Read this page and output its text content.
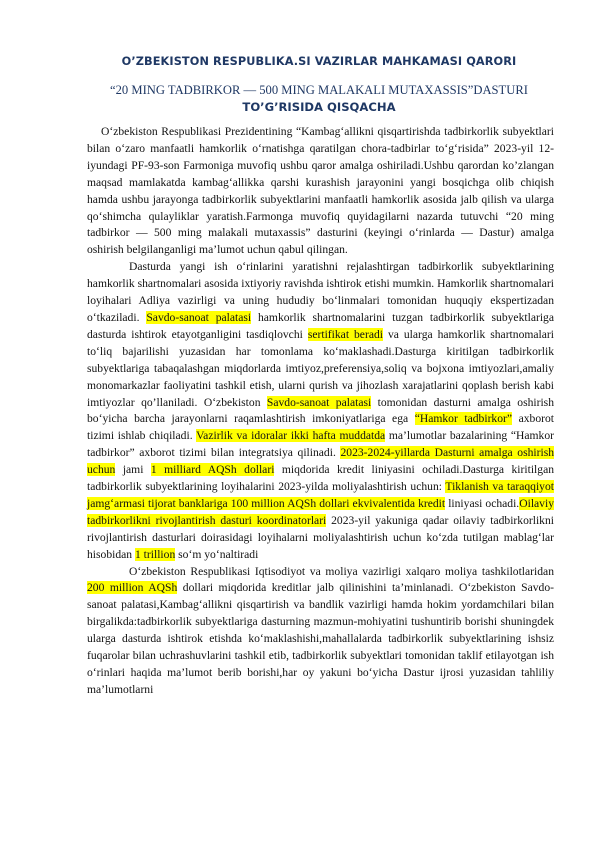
O’ZBEKISTON RESPUBLIKA.SI VAZIRLAR MAHKAMASI QARORI
“20 MING TADBIRKOR — 500 MING MALAKALI MUTAXASSIS”DASTURI TO’G’RISIDA QISQACHA

O‘zbekiston Respublikasi Prezidentining “Kambag‘allikni qisqartirishda tadbirkorlik subyektlari bilan o‘zaro manfaatli hamkorlik o‘rnatishga qaratilgan chora-tadbirlar to‘g‘risida” 2023-yil 12-iyundagi PF-93-son Farmoniga muvofiq ushbu qaror amalga oshiriladi.Ushbu qarordan ko’zlangan maqsad mamlakatda kambag‘allikka qarshi kurashish jarayonini yangi bosqichga olib chiqish hamda ushbu jarayonga tadbirkorlik subyektlarini manfaatli hamkorlik asosida jalb qilish va ularga qo‘shimcha qulayliklar yaratish.Farmonga muvofiq quyidagilarni nazarda tutuvchi “20 ming tadbirkor — 500 ming malakali mutaxassis” dasturini (keyingi o‘rinlarda — Dastur) amalga oshirish belgilanganligi ma’lumot uchun qabul qilingan.

Dasturda yangi ish o‘rinlarini yaratishni rejalashtirgan tadbirkorlik subyektlarining hamkorlik shartnomalari asosida ixtiyoriy ravishda ishtirok etishi mumkin. Hamkorlik shartnomalari loyihalari Adliya vazirligi va uning hududiy bo‘linmalari tomonidan huquqiy ekspertizadan o‘tkaziladi. Savdo-sanoat palatasi hamkorlik shartnomalarini tuzgan tadbirkorlik subyektlariga dasturda ishtirok etayotganligini tasdiqlovchi sertifikat beradi va ularga hamkorlik shartnomalari to‘liq bajarilishi yuzasidan har tomonlama ko‘maklashadi.Dasturga kiritilgan tadbirkorlik subyektlariga tabaqalashgan miqdorlarda imtiyoz,preferensiya,soliq va bojxona imtiyozlari,amaliy monomarkazlar faoliyatini tashkil etish, ularni qurish va jihozlash xarajatlarini qoplash berish kabi imtiyozlar qo’llaniladi. O‘zbekiston Savdo-sanoat palatasi tomonidan dasturni amalga oshirish bo‘yicha barcha jarayonlarni raqamlashtirish imkoniyatlariga ega “Hamkor tadbirkor” axborot tizimi ishlab chiqiladi. Vazirlik va idoralar ikki hafta muddatda ma’lumotlar bazalarining “Hamkor tadbirkor” axborot tizimi bilan integratsiya qilinadi. 2023-2024-yillarda Dasturni amalga oshirish uchun jami 1 milliard AQSh dollari miqdorida kredit liniyasini ochiladi.Dasturga kiritilgan tadbirkorlik subyektlarining loyihalarini 2023-yilda moliyalashtirish uchun: Tiklanish va taraqqiyot jamg‘armasi tijorat banklariga 100 million AQSh dollari ekvivalentida kredit liniyasi ochadi.Oilaviy tadbirkorlikni rivojlantirish dasturi koordinatorlari 2023-yil yakuniga qadar oilaviy tadbirkorlikni rivojlantirish dasturlari doirasidagi loyihalarni moliyalashtirish uchun ko‘zda tutilgan mablag‘lar hisobidan 1 trillion so‘m yo‘naltiradi

O‘zbekiston Respublikasi Iqtisodiyot va moliya vazirligi xalqaro moliya tashkilotlaridan 200 million AQSh dollari miqdorida kreditlar jalb qilinishini ta’minlanadi. O‘zbekiston Savdo-sanoat palatasi,Kambag‘allikni qisqartirish va bandlik vazirligi hamda hokim yordamchilari bilan birgalikda:tadbirkorlik subyektlariga dasturning mazmun-mohiyatini tushuntirib borishi shuningdek ularga dasturda ishtirok etishda ko‘maklashishi,mahallalarda tadbirkorlik subyektlarining ishsiz fuqarolar bilan uchrashuvlarini tashkil etib, tadbirkorlik subyektlari tomonidan taklif etilayotgan ish o‘rinlari haqida ma’lumot berib borishi,har oy yakuni bo‘yicha Dastur ijrosi yuzasidan tahliliy ma’lumotlarni
